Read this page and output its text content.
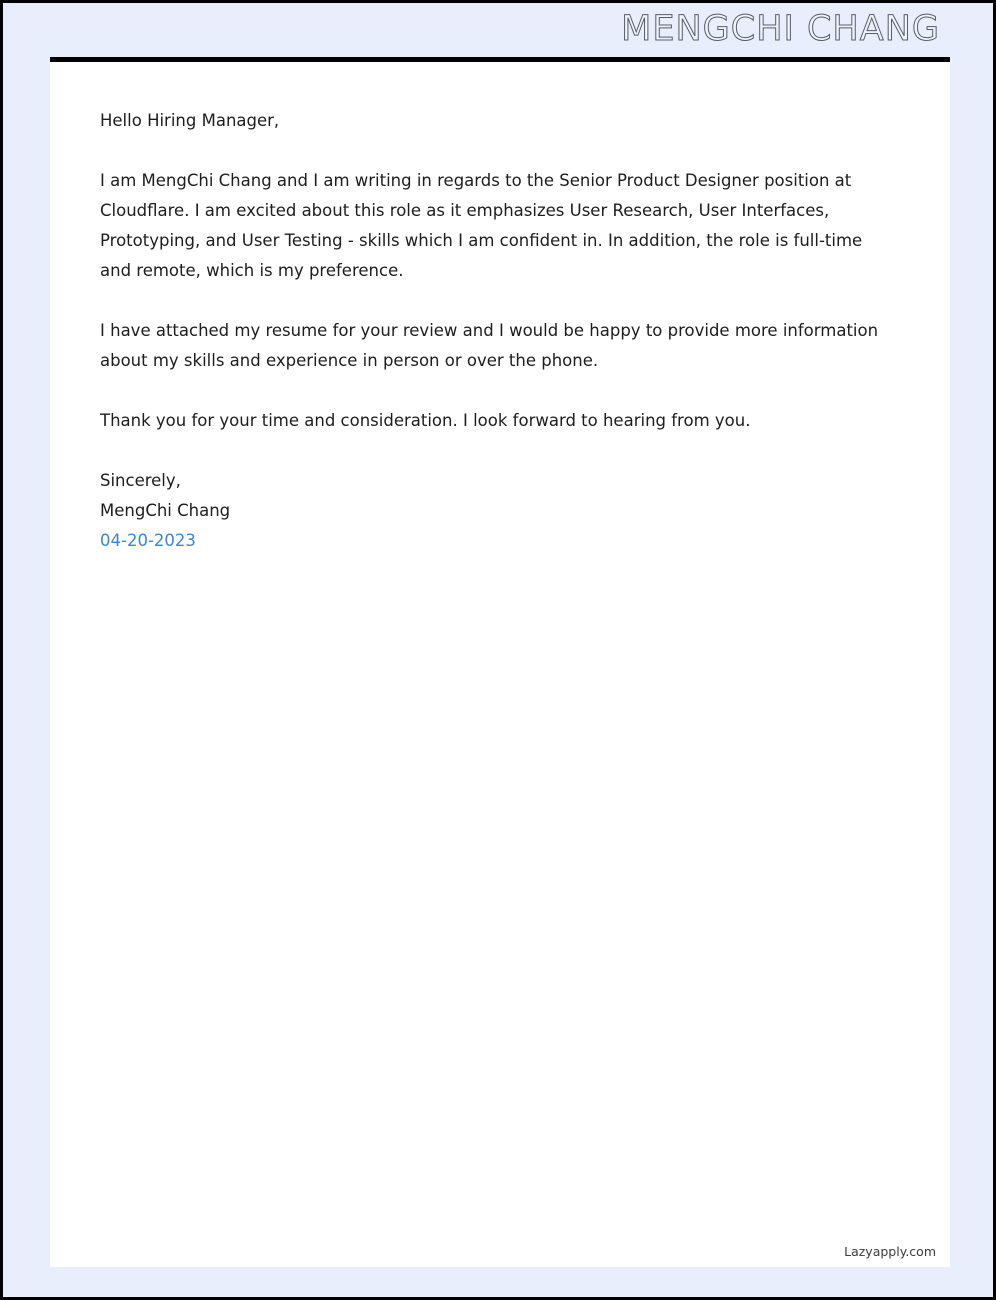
MENGCHI CHANG

Hello Hiring Manager,

I am MengChi Chang and I am writing in regards to the Senior Product Designer position at Cloudflare. I am excited about this role as it emphasizes User Research, User Interfaces, Prototyping, and User Testing - skills which I am confident in. In addition, the role is full-time and remote, which is my preference.

I have attached my resume for your review and I would be happy to provide more information about my skills and experience in person or over the phone.

Thank you for your time and consideration. I look forward to hearing from you.

Sincerely,

MengChi Chang

04-20-2023

Lazyapply.com
